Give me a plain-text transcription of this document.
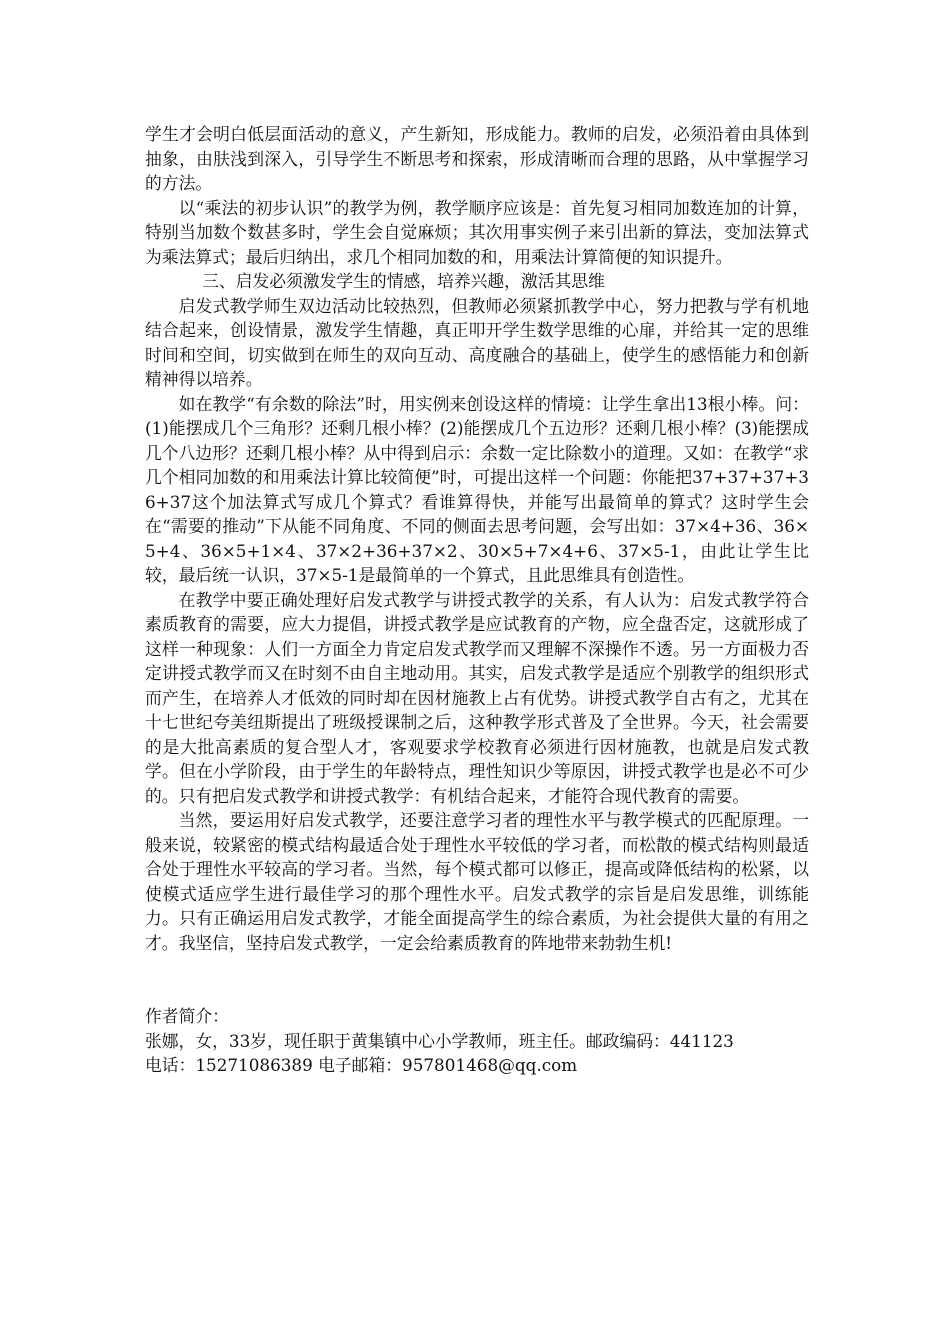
学生才会明白低层面活动的意义，产生新知，形成能力。教师的启发，必须沿着由具体到抽象，由肤浅到深入，引导学生不断思考和探索，形成清晰而合理的思路，从中掌握学习的方法。

以“乘法的初步认识”的教学为例，教学顺序应该是：首先复习相同加数连加的计算，特别当加数个数甚多时，学生会自觉麻烦；其次用事实例子来引出新的算法，变加法算式为乘法算式；最后归纳出，求几个相同加数的和，用乘法计算简便的知识提升。

三、启发必须激发学生的情感，培养兴趣，激活其思维

启发式教学师生双边活动比较热烈，但教师必须紧抓教学中心，努力把教与学有机地结合起来，创设情景，激发学生情趣，真正叩开学生数学思维的心扉，并给其一定的思维时间和空间，切实做到在师生的双向互动、高度融合的基础上，使学生的感悟能力和创新精神得以培养。

如在教学“有余数的除法”时，用实例来创设这样的情境：让学生拿出13根小棒。问：(1)能摆成几个三角形？还剩几根小棒？(2)能摆成几个五边形？还剩几根小棒？(3)能摆成几个八边形？还剩几根小棒？从中得到启示：余数一定比除数小的道理。又如：在教学“求几个相同加数的和用乘法计算比较简便”时，可提出这样一个问题：你能把37+37+37+36+37这个加法算式写成几个算式？看谁算得快，并能写出最简单的算式？这时学生会在“需要的推动”下从能不同角度、不同的侧面去思考问题，会写出如：37×4+36、36×5+4、36×5+1×4、37×2+36+37×2、30×5+7×4+6、37×5-1，由此让学生比较，最后统一认识，37×5-1是最简单的一个算式，且此思维具有创造性。

在教学中要正确处理好启发式教学与讲授式教学的关系，有人认为：启发式教学符合素质教育的需要，应大力提倡，讲授式教学是应试教育的产物，应全盘否定，这就形成了这样一种现象：人们一方面全力肯定启发式教学而又理解不深操作不透。另一方面极力否定讲授式教学而又在时刻不由自主地动用。其实，启发式教学是适应个别教学的组织形式而产生，在培养人才低效的同时却在因材施教上占有优势。讲授式教学自古有之，尤其在十七世纪夸美纽斯提出了班级授课制之后，这种教学形式普及了全世界。今天，社会需要的是大批高素质的复合型人才，客观要求学校教育必须进行因材施教，也就是启发式教学。但在小学阶段，由于学生的年龄特点，理性知识少等原因，讲授式教学也是必不可少的。只有把启发式教学和讲授式教学：有机结合起来，才能符合现代教育的需要。

当然，要运用好启发式教学，还要注意学习者的理性水平与教学模式的匹配原理。一般来说，较紧密的模式结构最适合处于理性水平较低的学习者，而松散的模式结构则最适合处于理性水平较高的学习者。当然，每个模式都可以修正，提高或降低结构的松紧，以使模式适应学生进行最佳学习的那个理性水平。启发式教学的宗旨是启发思维，训练能力。只有正确运用启发式教学，才能全面提高学生的综合素质，为社会提供大量的有用之才。我坚信，坚持启发式教学，一定会给素质教育的阵地带来勃勃生机!

作者简介：

张娜，女，33岁，现任职于黄集镇中心小学教师，班主任。邮政编码：441123

电话：15271086389 电子邮箱：957801468@qq.com
